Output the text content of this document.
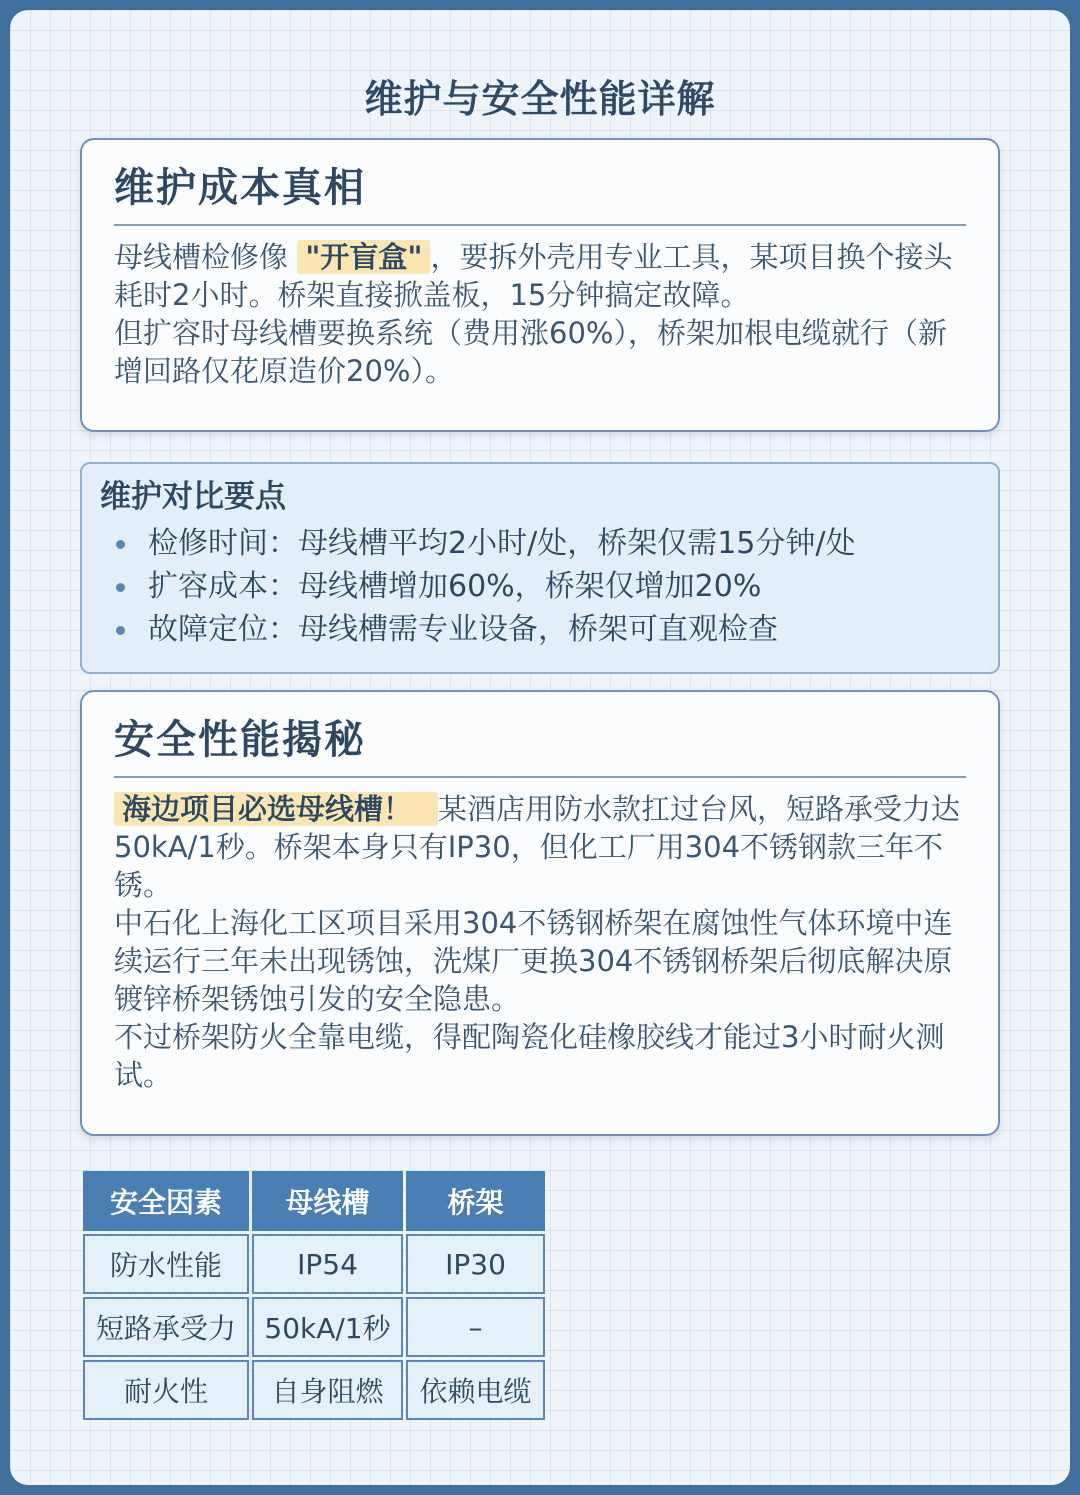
维护与安全性能详解
维护成本真相

母线槽检修像 "开盲盒" ，要拆外壳用专业工具，某项目换个接头耗时2小时。桥架直接掀盖板，15分钟搞定故障。

但扩容时母线槽要换系统（费用涨60%），桥架加根电缆就行（新增回路仅花原造价20%）。

维护对比要点
检修时间：母线槽平均2小时/处，桥架仅需15分钟/处
扩容成本：母线槽增加60%，桥架仅增加20%
故障定位：母线槽需专业设备，桥架可直观检查
安全性能揭秘

海边项目必选母线槽！ 某酒店用防水款扛过台风，短路承受力达50kA/1秒。桥架本身只有IP30，但化工厂用304不锈钢款三年不锈。

中石化上海化工区项目采用304不锈钢桥架在腐蚀性气体环境中连续运行三年未出现锈蚀，洗煤厂更换304不锈钢桥架后彻底解决原镀锌桥架锈蚀引发的安全隐患。

不过桥架防火全靠电缆，得配陶瓷化硅橡胶线才能过3小时耐火测试。

安全因素	母线槽	桥架
防水性能	IP54	IP30
短路承受力	50kA/1秒	–
耐火性	自身阻燃	依赖电缆
